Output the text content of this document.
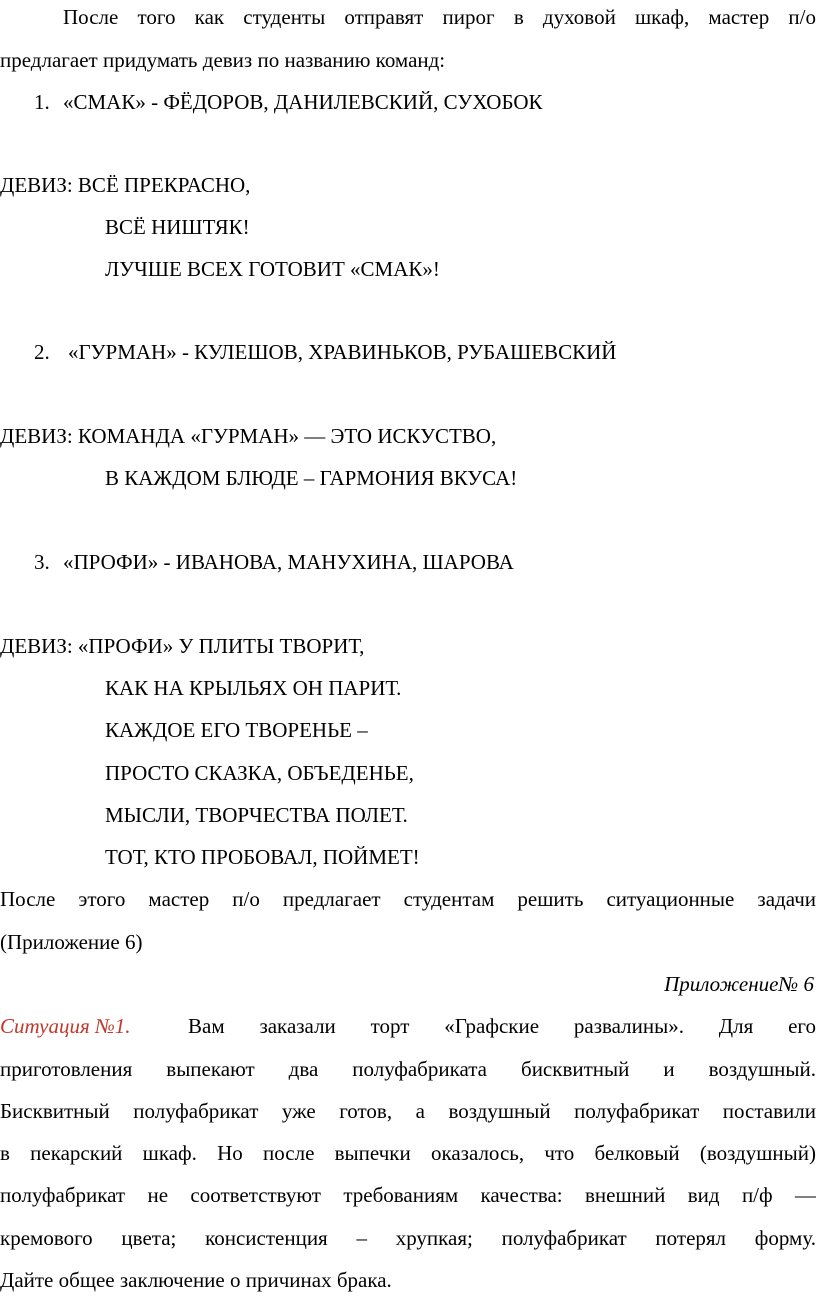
После того как студенты отправят пирог в духовой шкаф, мастер п/о
предлагает придумать девиз по названию команд:
1. «СМАК» - ФЁДОРОВ, ДАНИЛЕВСКИЙ, СУХОБОК
ДЕВИЗ: ВСЁ ПРЕКРАСНО,
ВСЁ НИШТЯК!
ЛУЧШЕ ВСЕХ ГОТОВИТ «СМАК»!
2. «ГУРМАН» - КУЛЕШОВ, ХРАВИНЬКОВ, РУБАШЕВСКИЙ
ДЕВИЗ: КОМАНДА «ГУРМАН» — ЭТО ИСКУСТВО,
В КАЖДОМ БЛЮДЕ – ГАРМОНИЯ ВКУСА!
3. «ПРОФИ» - ИВАНОВА, МАНУХИНА, ШАРОВА
ДЕВИЗ: «ПРОФИ» У ПЛИТЫ ТВОРИТ,
КАК НА КРЫЛЬЯХ ОН ПАРИТ.
КАЖДОЕ ЕГО ТВОРЕНЬЕ –
ПРОСТО СКАЗКА, ОБЪЕДЕНЬЕ,
МЫСЛИ, ТВОРЧЕСТВА ПОЛЕТ.
ТОТ, КТО ПРОБОВАЛ, ПОЙМЕТ!
После этого мастер п/о предлагает студентам решить ситуационные задачи
(Приложение 6)
Приложение№ 6
Ситуация №1.	Вам заказали торт «Графские развалины». Для его
приготовления выпекают два полуфабриката бисквитный и воздушный.
Бисквитный полуфабрикат уже готов, а воздушный полуфабрикат поставили
в пекарский шкаф. Но после выпечки оказалось, что белковый (воздушный)
полуфабрикат не соответствуют требованиям качества: внешний вид п/ф —
кремового цвета; консистенция – хрупкая; полуфабрикат потерял форму.
Дайте общее заключение о причинах брака.
